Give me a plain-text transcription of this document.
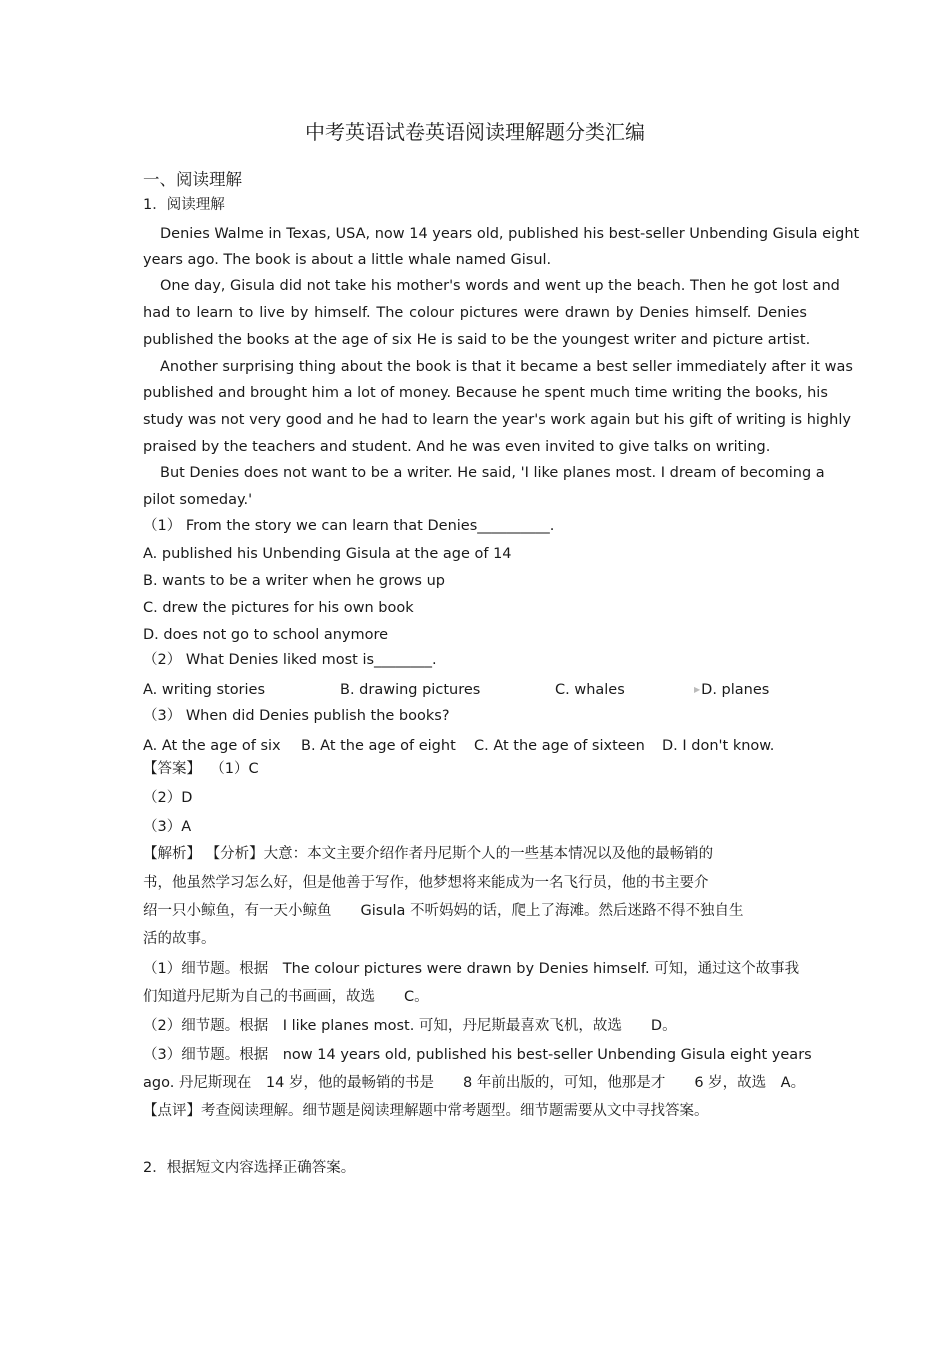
中考英语试卷英语阅读理解题分类汇编
一、阅读理解
1．阅读理解
Denies Walme in Texas, USA, now 14 years old, published his best-seller Unbending Gisula eight
years ago. The book is about a little whale named Gisul.
One day, Gisula did not take his mother's words and went up the beach. Then he got lost and
had to learn to live by himself. The colour pictures were drawn by Denies himself. Denies
published the books at the age of six He is said to be the youngest writer and picture artist.
Another surprising thing about the book is that it became a best seller immediately after it was
published and brought him a lot of money. Because he spent much time writing the books, his
study was not very good and he had to learn the year's work again but his gift of writing is highly
praised by the teachers and student. And he was even invited to give talks on writing.
But Denies does not want to be a writer. He said, 'I like planes most. I dream of becoming a
pilot someday.'
（1） From the story we can learn that Denies__________.
A. published his Unbending Gisula at the age of 14
B. wants to be a writer when he grows up
C. drew the pictures for his own book
D. does not go to school anymore
（2） What Denies liked most is________.
A. writing stories	B. drawing pictures	C. whales	▶D. planes
（3） When did Denies publish the books?
A. At the age of six B. At the age of eight C. At the age of sixteen D. I don't know.
【答案】 （1）C
（2）D
（3）A
【解析】 【分析】大意：本文主要介绍作者丹尼斯个人的一些基本情况以及他的最畅销的
书，他虽然学习怎么好，但是他善于写作，他梦想将来能成为一名飞行员，他的书主要介
绍一只小鲸鱼，有一天小鲸鱼　　Gisula 不听妈妈的话，爬上了海滩。然后迷路不得不独自生
活的故事。
（1）细节题。根据　The colour pictures were drawn by Denies himself. 可知，通过这个故事我
们知道丹尼斯为自己的书画画，故选　　C。
（2）细节题。根据　I like planes most. 可知，丹尼斯最喜欢飞机，故选　　D。
（3）细节题。根据　now 14 years old, published his best-seller Unbending Gisula eight years
ago. 丹尼斯现在　14 岁，他的最畅销的书是　　8 年前出版的，可知，他那是才　　6 岁，故选　A。
【点评】考查阅读理解。细节题是阅读理解题中常考题型。细节题需要从文中寻找答案。
2．根据短文内容选择正确答案。
